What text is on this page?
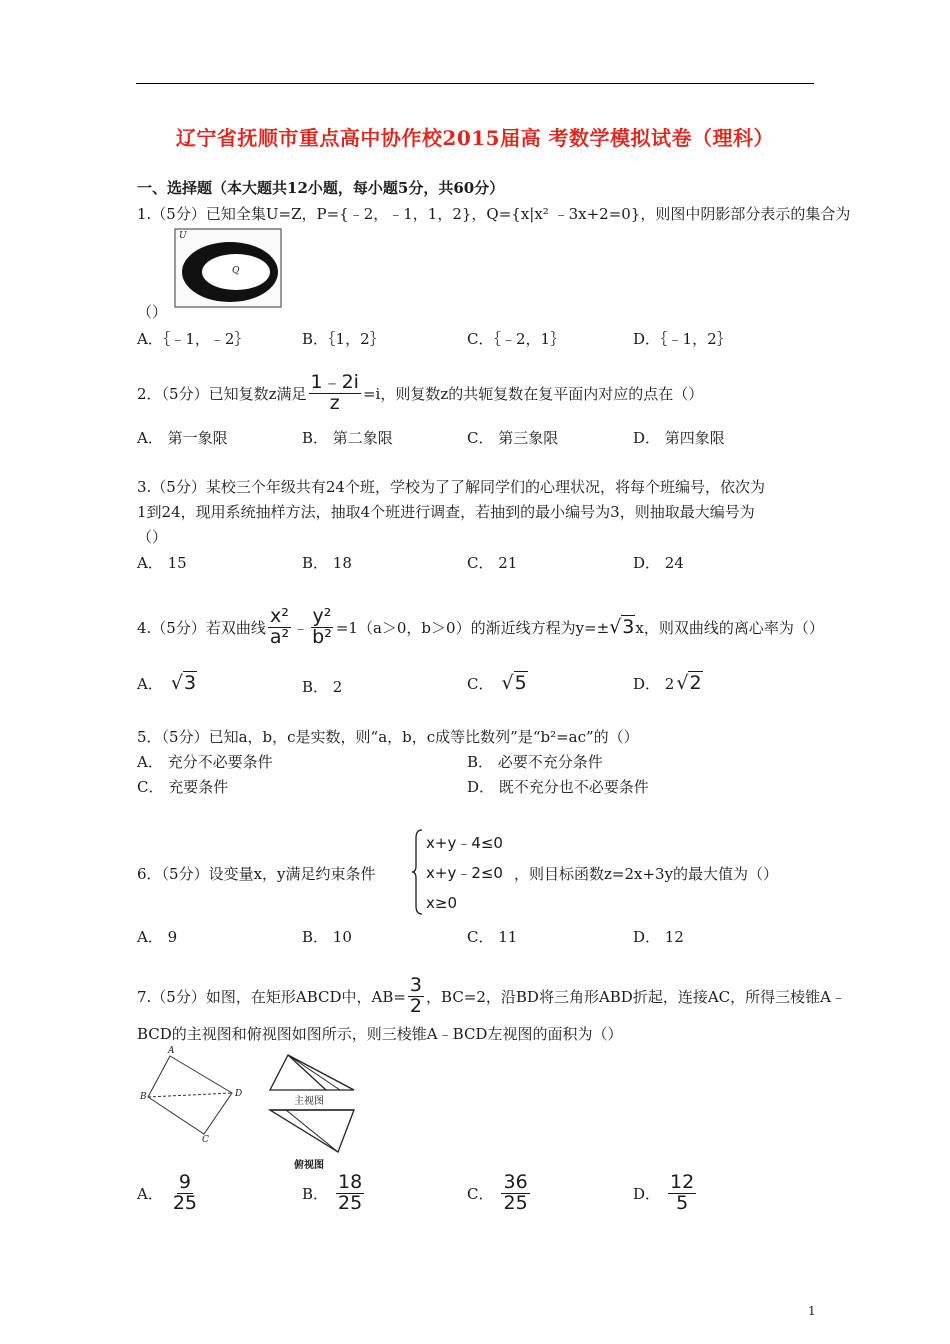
辽宁省抚顺市重点高中协作校2015届高 考数学模拟试卷（理科）
一、选择题（本大题共12小题，每小题5分，共60分）
1.（5分）已知全集U=Z，P={﹣2，﹣1，1，2}，Q={x|x² ﹣3x+2=0}，则图中阴影部分表示的集合为
U
Q
（）
A．｛﹣1，﹣2｝	B．｛1，2｝	C．｛﹣2，1｝	D．｛﹣1，2｝
2．（5分）已知复数z满足 $\frac{1﹣2i}{z} =i$，则复数z的共轭复数在复平面内对应的点在（）
A． 第一象限	B． 第二象限	C． 第三象限	D． 第四象限
3.（5分）某校三个年级共有24个班，学校为了了解同学们的心理状况，将每个班编号，依次为
1到24，现用系统抽样方法，抽取4个班进行调查，若抽到的最小编号为3，则抽取最大编号为
（）
A． 15	B． 18	C． 21	D． 24
4.（5分）若双曲线 $\frac{\text{x²}}{\text{a²}}$ ﹣ $\frac{\text{y²}}{\text{b²}} =1(a>0$，b＞0）的渐近线方程为y=± √3 x，则双曲线的离心率为（）
A． √3	B． 2	C． √5	D． 2 √2
5．（5分）已知a，b，c是实数，则“a，b，c成等比数列”是“b²=ac”的（）
A． 充分不必要条件	B． 必要不充分条件
C． 充要条件	D． 既不充分也不必要条件
6．（5分）设变量x，y满足约束条件
x+y﹣4≤0
x+y﹣2≤0
x≥0
，则目标函数z=2x+3y的最大值为（）
A． 9	B． 10	C． 11	D． 12
7.（5分）如图，在矩形ABCD中，$AB= \frac{3}{2}$ ，BC=2，沿BD将三角形ABD折起，连接AC，所得三棱锥A﹣
BCD的主视图和俯视图如图所示，则三棱锥A﹣BCD左视图的面积为（）
A
B
C
D
主视图
俯视图
A． $\frac{9}{25}$	B． $\frac{18}{25}$	C． $\frac{36}{25}$	D． $\frac{12}{5}$
1
